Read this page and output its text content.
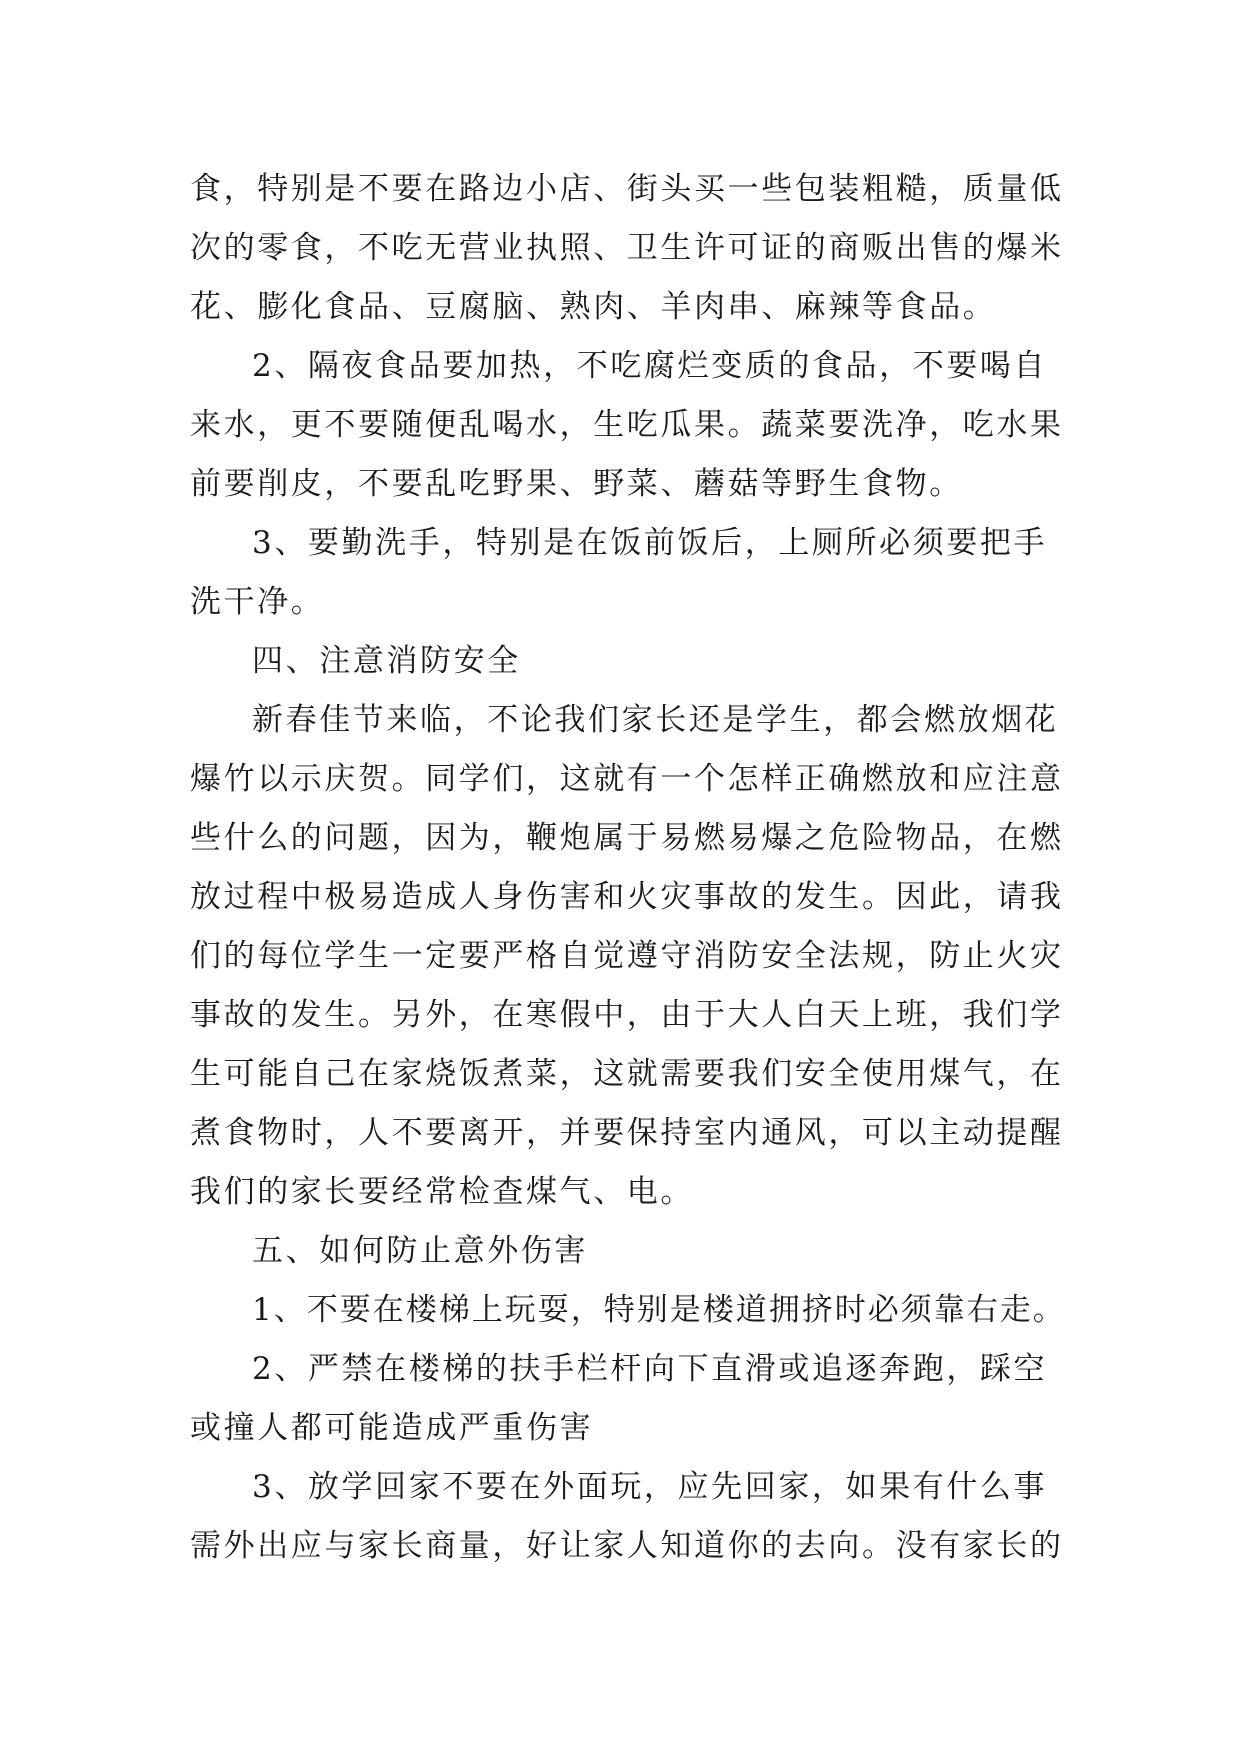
食，特别是不要在路边小店、街头买一些包装粗糙，质量低
次的零食，不吃无营业执照、卫生许可证的商贩出售的爆米
花、膨化食品、豆腐脑、熟肉、羊肉串、麻辣等食品。
2、隔夜食品要加热，不吃腐烂变质的食品，不要喝自
来水，更不要随便乱喝水，生吃瓜果。蔬菜要洗净，吃水果
前要削皮，不要乱吃野果、野菜、蘑菇等野生食物。
3、要勤洗手，特别是在饭前饭后，上厕所必须要把手
洗干净。
四、注意消防安全
新春佳节来临，不论我们家长还是学生，都会燃放烟花
爆竹以示庆贺。同学们，这就有一个怎样正确燃放和应注意
些什么的问题，因为，鞭炮属于易燃易爆之危险物品，在燃
放过程中极易造成人身伤害和火灾事故的发生。因此，请我
们的每位学生一定要严格自觉遵守消防安全法规，防止火灾
事故的发生。另外，在寒假中，由于大人白天上班，我们学
生可能自己在家烧饭煮菜，这就需要我们安全使用煤气，在
煮食物时，人不要离开，并要保持室内通风，可以主动提醒
我们的家长要经常检查煤气、电。
五、如何防止意外伤害
1、不要在楼梯上玩耍，特别是楼道拥挤时必须靠右走。
2、严禁在楼梯的扶手栏杆向下直滑或追逐奔跑，踩空
或撞人都可能造成严重伤害
3、放学回家不要在外面玩，应先回家，如果有什么事
需外出应与家长商量，好让家人知道你的去向。没有家长的
